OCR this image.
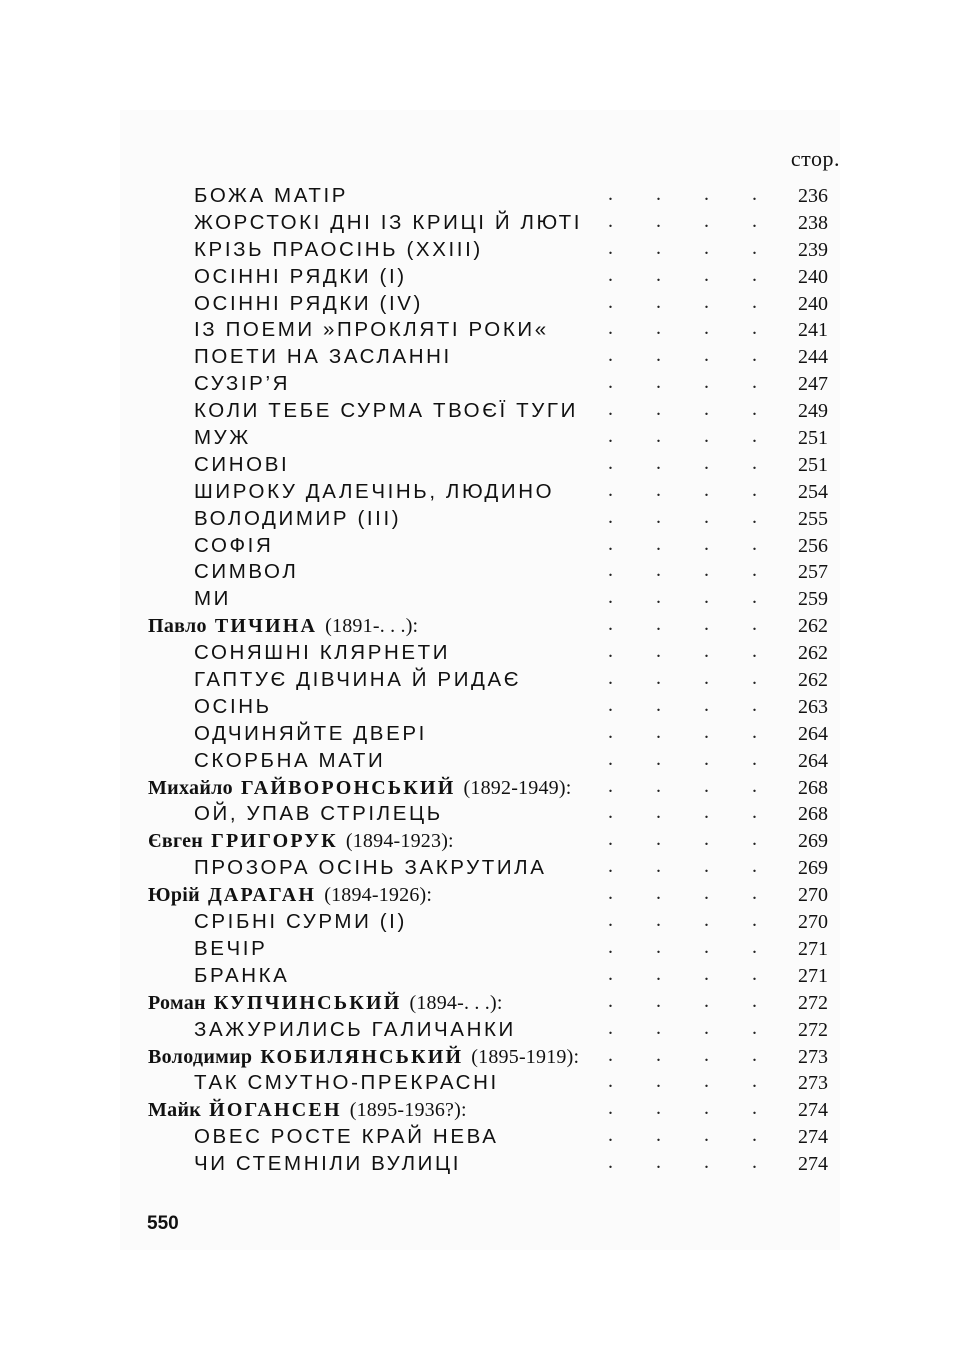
стор.
БОЖА МАТІР	. . . . 236
ЖОРСТОКІ ДНІ ІЗ КРИЦІ Й ЛЮТІ . . . . 238
КРІЗЬ ПРАОСІНЬ (XXIII)	. . . . 239
ОСІННІ РЯДКИ (I)	. . . . 240
ОСІННІ РЯДКИ (IV)	. . . . 240
ІЗ ПОЕМИ »ПРОКЛЯТІ РОКИ«	. . . . 241
ПОЕТИ НА ЗАСЛАННІ	. . . . 244
СУЗІР’Я	. . . . 247
КОЛИ ТЕБЕ СУРМА ТВОЄЇ ТУГИ . . . . 249
МУЖ	. . . . 251
СИНОВІ	. . . . 251
ШИРОКУ ДАЛЕЧІНЬ, ЛЮДИНО	. . . . 254
ВОЛОДИМИР (III)	. . . . 255
СОФІЯ	. . . . 256
СИМВОЛ	. . . . 257
МИ	. . . . 259
Павло ТИЧИНА (1891-. . .):	. . . . 262
СОНЯШНІ КЛЯРНЕТИ	. . . . 262
ГАПТУЄ ДІВЧИНА Й РИДАЄ	. . . . 262
ОСІНЬ	. . . . 263
ОДЧИНЯЙТЕ ДВЕРІ	. . . . 264
СКОРБНА МАТИ	. . . . 264
Михайло ГАЙВОРОНСЬКИЙ (1892-1949): . . . . 268
ОЙ, УПАВ СТРІЛЕЦЬ	. . . . 268
Євген ГРИГОРУК (1894-1923):	. . . . 269
ПРОЗОРА ОСІНЬ ЗАКРУТИЛА	. . . . 269
Юрій ДАРАГАН (1894-1926):	. . . . 270
СРІБНІ СУРМИ (I)	. . . . 270
ВЕЧІР	. . . . 271
БРАНКА	. . . . 271
Роман КУПЧИНСЬКИЙ (1894-. . .):	. . . . 272
ЗАЖУРИЛИСЬ ГАЛИЧАНКИ	. . . . 272
Володимир КОБИЛЯНСЬКИЙ (1895-1919): . . . . 273
ТАК СМУТНО-ПРЕКРАСНІ	. . . . 273
Майк ЙОГАНСЕН (1895-1936?):	. . . . 274
ОВЕС РОСТЕ КРАЙ НЕВА	. . . . 274
ЧИ СТЕМНІЛИ ВУЛИЦІ	. . . . 274
550
